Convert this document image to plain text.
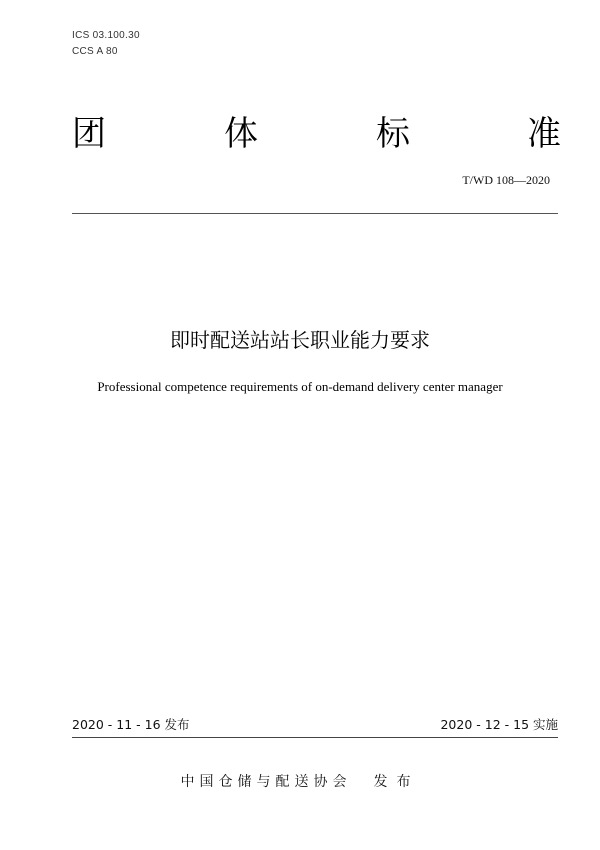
ICS 03.100.30
CCS A 80
团	体	标	准
T/WD 108—2020
即时配送站站长职业能力要求
Professional competence requirements of on-demand delivery center manager
2020 - 11 - 16 发布	2020 - 12 - 15 实施
中国仓储与配送协会 发布
